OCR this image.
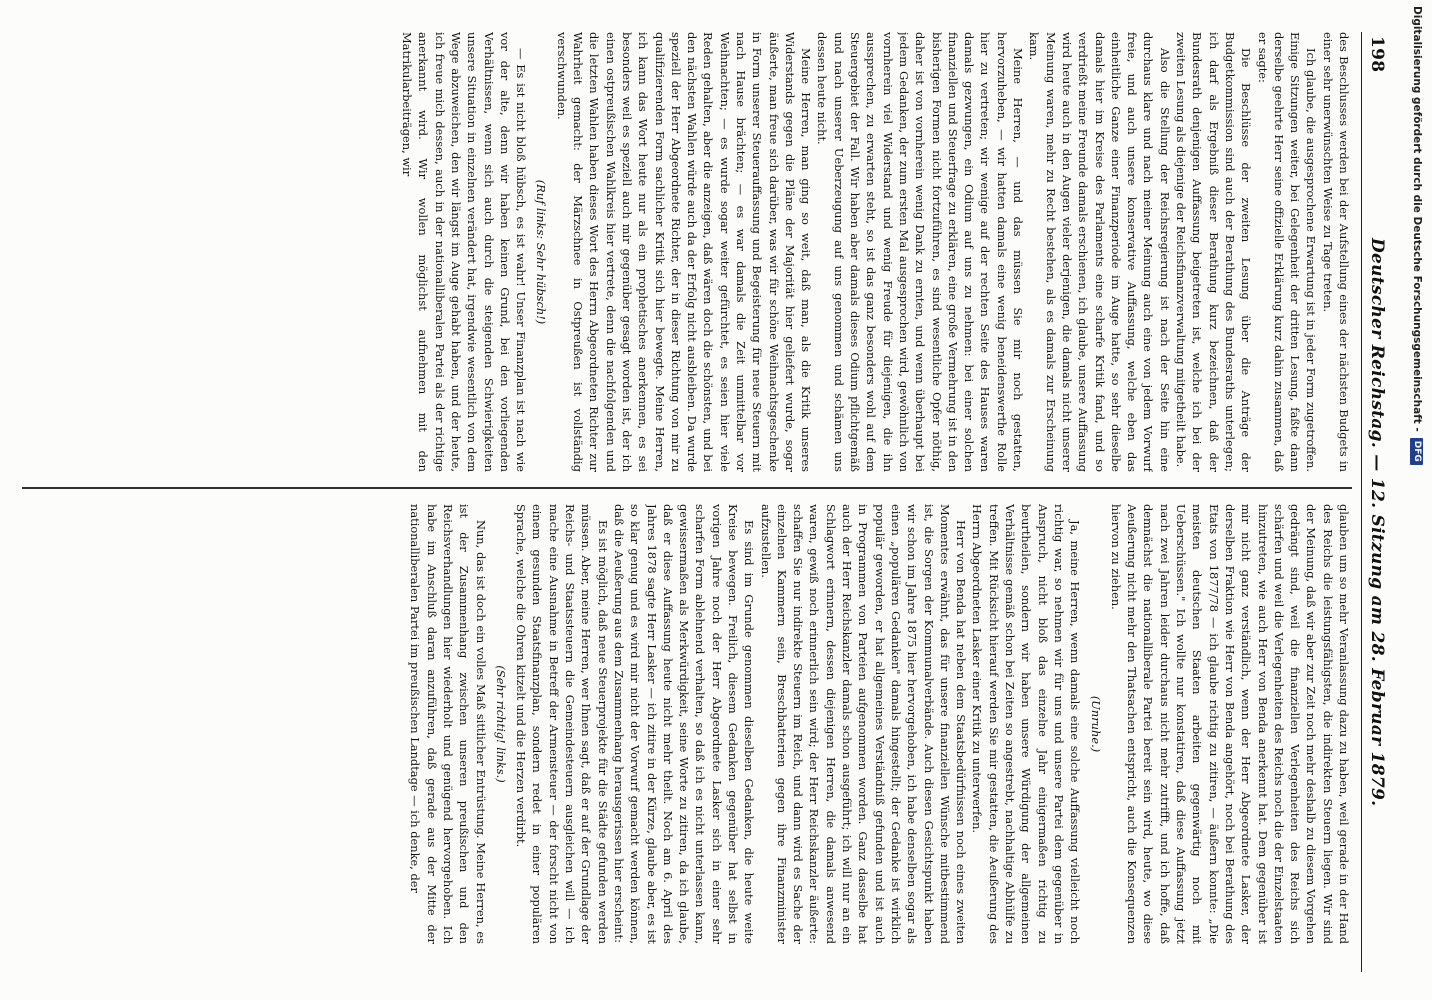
198
Deutscher Reichstag. — 12. Sitzung am 28. Februar 1879.

des Beschlusses werden bei der Aufstellung eines der nächsten Budgets in einer sehr unerwünschten Weise zu Tage treten.

Ich glaube, die ausgesprochene Erwartung ist in jeder Form zugetroffen. Einige Sitzungen weiter, bei Gelegenheit der dritten Lesung, faßte dann derselbe geehrte Herr seine offizielle Erklärung kurz dahin zusammen, daß er sagte:

Die Beschlüsse der zweiten Lesung über die Anträge der Budgetkommission sind auch der Berathung des Bundesraths unterlegen; ich darf als Ergebniß dieser Berathung kurz bezeichnen, daß der Bundesrath denjenigen Auffassung beigetreten ist, welche ich bei der zweiten Lesung als diejenige der Reichsfinanzverwaltung mitgetheilt habe.

Also die Stellung der Reichsregierung ist nach der Seite hin eine durchaus klare und nach meiner Meinung auch eine von jedem Vorwurf freie, und auch unsere konservative Auffassung, welche eben das einheitliche Ganze einer Finanzperiode im Auge hatte, so sehr dieselbe damals hier im Kreise des Parlaments eine scharfe Kritik fand, und so verdrießt meine Freunde damals erschienen, ich glaube, unsere Auffassung wird heute auch in den Augen vieler derjenigen, die damals nicht unserer Meinung waren, mehr zu Recht bestehen, als es damals zur Erscheinung kam.

Meine Herren, — und das müssen Sie mir noch gestatten, hervorzuheben, — wir hatten damals eine wenig beneidenswerthe Rolle hier zu vertreten; wir wenige auf der rechten Seite des Hauses waren damals gezwungen, ein Odium auf uns zu nehmen: bei einer solchen finanziellen und Steuerfrage zu erklären, eine große Vermehrung ist in den bisherigen Formen nicht fortzuführen, es sind wesentliche Opfer nöthig, daher ist von vornherein wenig Dank zu ernten, und wenn überhaupt bei jedem Gedanken, der zum ersten Mal ausgesprochen wird, gewöhnlich von vornherein viel Widerstand und wenig Freude für diejenigen, die ihn aussprechen, zu erwarten steht, so ist das ganz besonders wohl auf dem Steuergebiet der Fall. Wir haben aber damals dieses Odium pflichtgemäß und nach unserer Ueberzeugung auf uns genommen und schämen uns dessen heute nicht.

Meine Herren, man ging so weit, daß man, als die Kritik unseres Widerstands gegen die Pläne der Majorität hier geliefert wurde, sogar äußerte, man freue sich darüber, was wir für schöne Weihnachtsgeschenke in Form unserer Steuerauffassung und Begeisterung für neue Steuern mit nach Hause brächten; — es war damals die Zeit unmittelbar vor Weihnachten; — es wurde sogar weiter gefürchtet, es seien hier viele Reden gehalten, aber die anzeigen, daß wären doch die schönsten, und bei den nächsten Wahlen würde auch da der Erfolg nicht ausbleiben. Da wurde speziell der Herr Abgeordnete Richter, der in dieser Richtung von mir zu qualifizierenden Form sachlicher Kritik sich hier bewegte. Meine Herren, ich kann das Wort heute nur als ein prophetisches anerkennen, es sei besonders weil es speziell auch mir gegenüber gesagt worden ist, der ich einen ostpreußischen Wahlkreis hier vertrete, denn die nachfolgenden und die letzten Wahlen haben dieses Wort des Herrn Abgeordneten Richter zur Wahrheit gemacht: der Märzschnee in Ostpreußen ist vollständig verschwunden.

(Ruf links: Sehr hübsch!)

— Es ist nicht bloß hübsch, es ist wahr! Unser Finanzplan ist nach wie vor der alte, denn wir haben keinen Grund, bei den vorliegenden Verhältnissen, wenn sich auch durch die steigenden Schwierigkeiten unsere Situation in einzelnen verändert hat, irgendwie wesentlich von dem Wege abzuweichen, den wir längst im Auge gehabt haben, und der heute, ich freue mich dessen, auch in der nationalliberalen Partei als der richtige anerkannt wird. Wir wollen möglichst aufnehmen mit den Matrikularbeiträgen, wir

glauben um so mehr Veranlassung dazu zu haben, weil gerade in der Hand des Reichs die leistungsfähigsten, die indirekten Steuern liegen. Wir sind der Meinung, daß wir aber zur Zeit noch mehr deshalb zu diesem Vorgehen gedrängt sind, weil die finanziellen Verlegenheiten des Reichs sich schärfen und weil die Verlegenheiten des Reichs noch die der Einzelstaaten hinzutreten, wie auch Herr von Benda anerkennt hat. Dem gegenüber ist mir nicht ganz verständlich, wenn der Herr Abgeordnete Lasker, der derselben Fraktion wie Herr von Benda angehört, noch bei Berathung des Etats von 1877/78 — ich glaube richtig zu zitiren, — äußern konnte: „Die meisten deutschen Staaten arbeiten gegenwärtig noch mit Ueberschüssen." Ich wollte nur konstatiren, daß diese Auffassung jetzt nach zwei Jahren leider durchaus nicht mehr zutrifft, und ich hoffe, daß demnächst die nationalliberale Partei bereit sein wird, heute, wo diese Aeußerung nicht mehr den Thatsachen entspricht, auch die Konsequenzen hiervon zu ziehen.

(Unruhe.)

Ja, meine Herren, wenn damals eine solche Auffassung vielleicht noch richtig war, so nehmen wir für uns und unsere Partei dem gegenüber in Anspruch, nicht bloß das einzelne Jahr einigermaßen richtig zu beurtheilen, sondern wir haben unsere Würdigung der allgemeinen Verhältnisse gemäß schon bei Zeiten so angestrebt, nachhaltige Abhülfe zu treffen. Mit Rücksicht hierauf werden Sie mir gestatten, die Aeußerung des Herrn Abgeordneten Lasker einer Kritik zu unterwerfen.

Herr von Benda hat neben dem Staatsbedürfnissen noch eines zweiten Momentes erwähnt, das für unsere finanziellen Wünsche mitbestimmend ist, die Sorgen der Kommunalverbände. Auch diesen Gesichtspunkt haben wir schon im Jahre 1875 hier hervorgehoben, ich habe denselben sogar als einen „populären Gedanken" damals hingestellt; der Gedanke ist wirklich populär geworden, er hat allgemeines Verständniß gefunden und ist auch in Programmen von Parteien aufgenommen worden. Ganz dasselbe hat auch der Herr Reichskanzler damals schon ausgeführt; ich will nur an ein Schlagwort erinnern, dessen diejenigen Herren, die damals anwesend waren, gewiß noch erinnerlich sein wird; der Herr Reichskanzler äußerte: schaffen Sie nur indirekte Steuern im Reich, und dann wird es Sache der einzelnen Kammern sein, Breschbatterien gegen ihre Finanzminister aufzustellen.

Es sind im Grunde genommen dieselben Gedanken, die heute weite Kreise bewegen. Freilich, diesem Gedanken gegenüber hat selbst in vorigen Jahre noch der Herr Abgeordnete Lasker sich in einer sehr scharfen Form ablehnend verhalten, so daß ich es nicht unterlassen kann, gewissermaßen als Merkwürdigkeit, seine Worte zu zitiren, da ich glaube, daß er diese Auffassung heute nicht mehr theilt. Noch am 6. April des Jahres 1878 sagte Herr Lasker — ich zitire in der Kürze, glaube aber, es ist so klar genug und es wird mir nicht der Vorwurf gemacht werden können, daß die Aeußerung aus dem Zusammenhang herausgerissen hier erscheint:

Es ist möglich, daß neue Steuerprojekte für die Städte gefunden werden müssen. Aber, meine Herren, wer Ihnen sagt, daß er auf der Grundlage der Reichs- und Staatssteuern die Gemeindesteuern ausgleichen will — ich mache eine Ausnahme in Betreff der Armensteuer — der forscht nicht von einem gesunden Staatsfinanzplan, sondern redet in einer populären Sprache, welche die Ohren kitzelt und die Herzen verdirbt.

(Sehr richtig! links.)

Nun, das ist doch ein volles Maß sittlicher Entrüstung. Meine Herren, es ist der Zusammenhang zwischen unseren preußischen und den Reichsverhandlungen hier wiederholt und genügend hervorgehoben. Ich habe im Anschluß daran anzuführen, daß gerade aus der Mitte der nationalliberalen Partei im preußischen Landtage — ich denke, der

Digitalisierung gefördert durch die Deutsche Forschungsgemeinschaft -
DFG
